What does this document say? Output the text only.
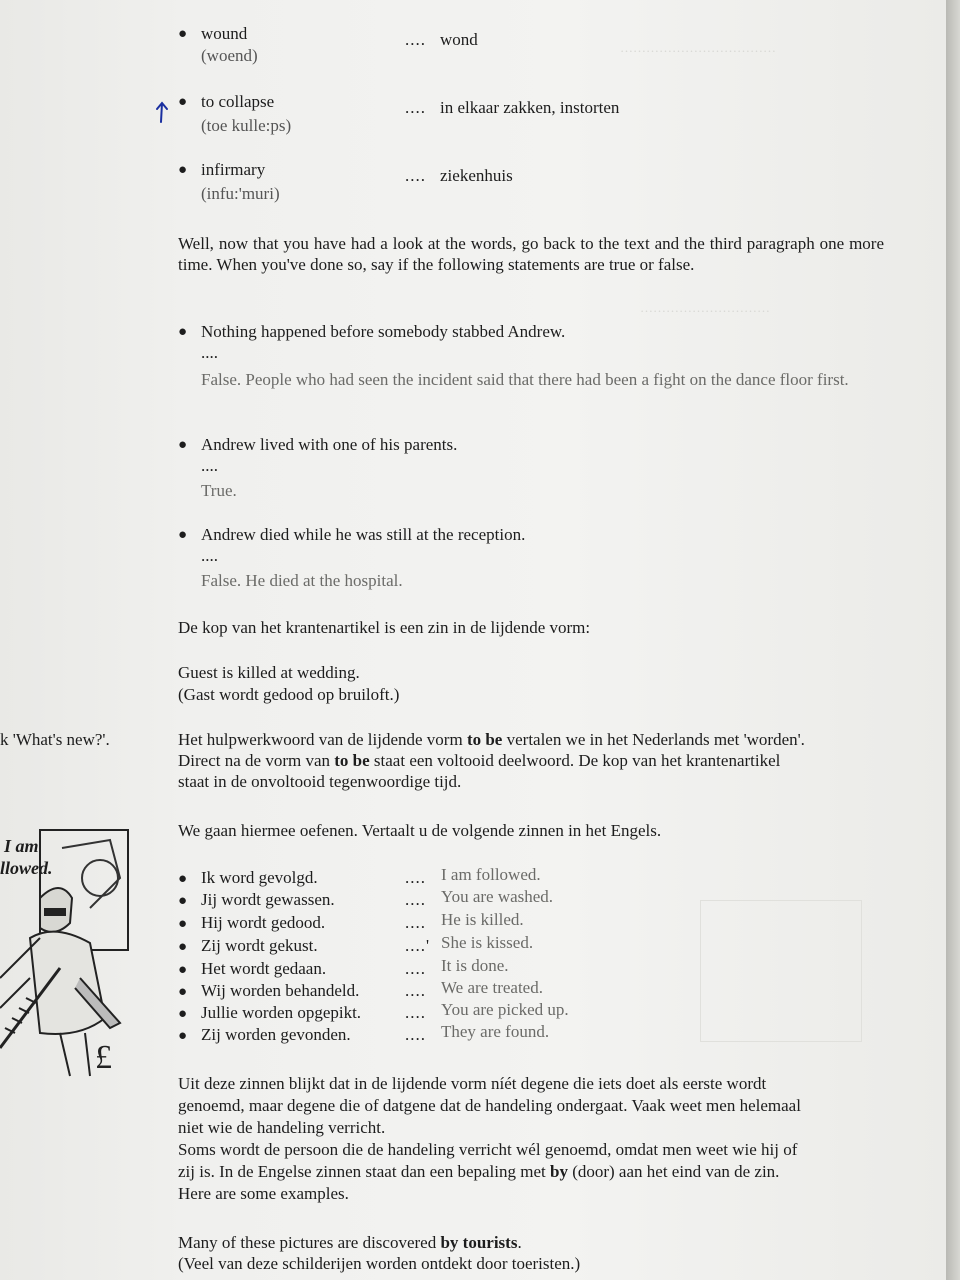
………………………………
…………………………
● wound
(woend)
.... wond
● to collapse
(toe kulle:ps)
.... in elkaar zakken, instorten
● infirmary
(infu:'muri)
.... ziekenhuis
Well, now that you have had a look at the words, go back to the text and the third paragraph one more time. When you've done so, say if the following statements are true or false.
● Nothing happened before somebody stabbed Andrew.
....
False. People who had seen the incident said that there had been a fight on the dance floor first.
● Andrew lived with one of his parents.
....
True.
● Andrew died while he was still at the reception.
....
False. He died at the hospital.
De kop van het krantenartikel is een zin in de lijdende vorm:
Guest is killed at wedding.
(Gast wordt gedood op bruiloft.)
k 'What's new?'.	Het hulpwerkwoord van de lijdende vorm to be vertalen we in het Nederlands met 'worden'.
Direct na de vorm van to be staat een voltooid deelwoord. De kop van het krantenartikel
staat in de onvoltooid tegenwoordige tijd.
We gaan hiermee oefenen. Vertaalt u de volgende zinnen in het Engels.
I am
llowed.
£
● Ik word gevolgd.	.... I am followed.
● Jij wordt gewassen.	.... You are washed.
● Hij wordt gedood.	.... He is killed.
● Zij wordt gekust.	....' She is kissed.
● Het wordt gedaan.	.... It is done.
● Wij worden behandeld.	.... We are treated.
● Jullie worden opgepikt.	.... You are picked up.
● Zij worden gevonden.	.... They are found.
Uit deze zinnen blijkt dat in de lijdende vorm níét degene die iets doet als eerste wordt
genoemd, maar degene die of datgene dat de handeling ondergaat. Vaak weet men helemaal
niet wie de handeling verricht.
Soms wordt de persoon die de handeling verricht wél genoemd, omdat men weet wie hij of
zij is. In de Engelse zinnen staat dan een bepaling met by (door) aan het eind van de zin.
Here are some examples.
Many of these pictures are discovered by tourists.
(Veel van deze schilderijen worden ontdekt door toeristen.)
